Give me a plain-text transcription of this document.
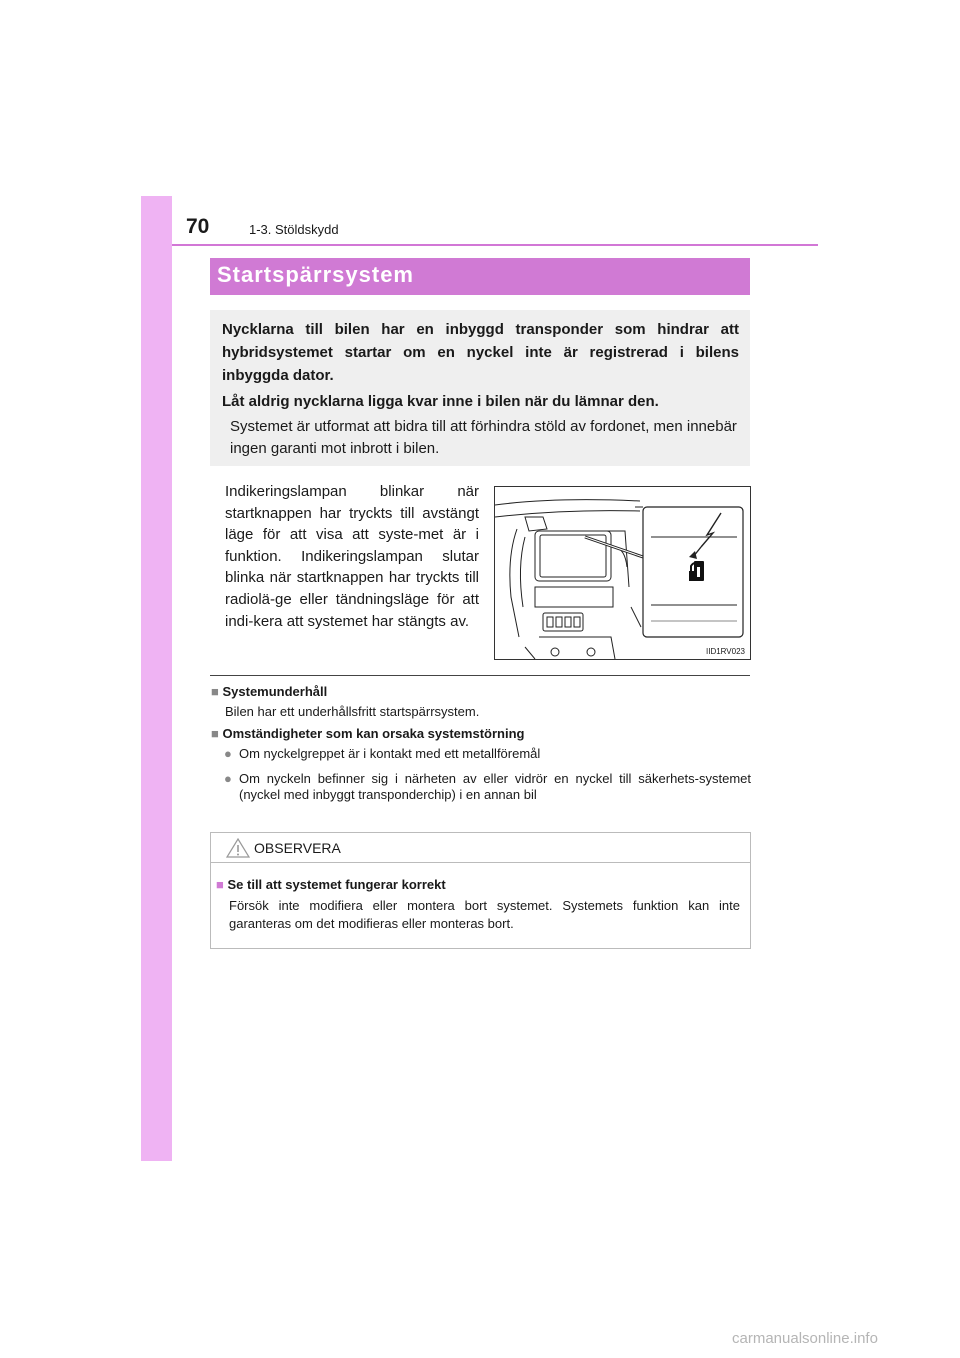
70	1-3. Stöldskydd
Startspärrsystem

Nycklarna till bilen har en inbyggd transponder som hindrar att hybridsystemet startar om en nyckel inte är registrerad i bilens inbyggda dator.

Låt aldrig nycklarna ligga kvar inne i bilen när du lämnar den.

Systemet är utformat att bidra till att förhindra stöld av fordonet, men innebär ingen garanti mot inbrott i bilen.

Indikeringslampan blinkar när startknappen har tryckts till avstängt läge för att visa att syste-met är i funktion. Indikeringslampan slutar blinka när startknappen har tryckts till radiolä-ge eller tändningsläge för att indi-kera att systemet har stängts av.

IID1RV023

■ Systemunderhåll

Bilen har ett underhållsfritt startspärrsystem.

■ Omständigheter som kan orsaka systemstörning

● Om nyckelgreppet är i kontakt med ett metallföremål
● Om nyckeln befinner sig i närheten av eller vidrör en nyckel till säkerhets-systemet (nyckel med inbyggt transponderchip) i en annan bil
OBSERVERA

■ Se till att systemet fungerar korrekt

Försök inte modifiera eller montera bort systemet. Systemets funktion kan inte garanteras om det modifieras eller monteras bort.

carmanualsonline.info
